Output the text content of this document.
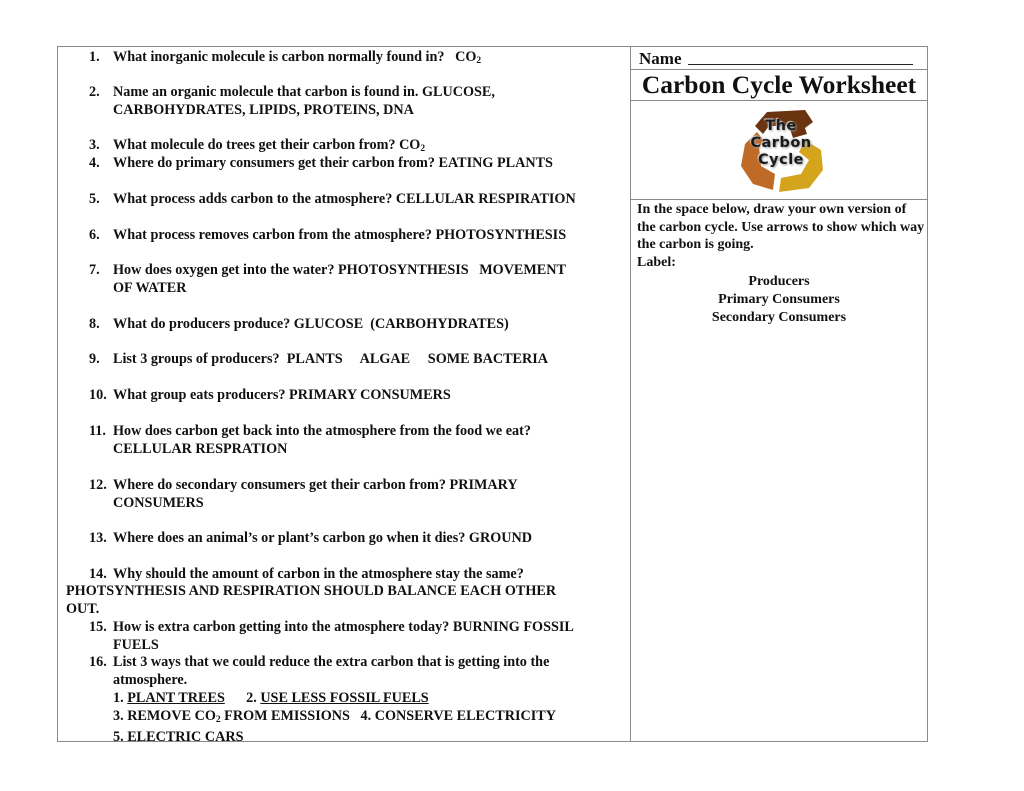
1. What inorganic molecule is carbon normally found in? $CO_2$
2. Name an organic molecule that carbon is found in. GLUCOSE,
CARBOHYDRATES, LIPIDS, PROTEINS, DNA
3. What molecule do trees get their carbon from? $CO_2$
4. Where do primary consumers get their carbon from? EATING PLANTS
5. What process adds carbon to the atmosphere? CELLULAR RESPIRATION
6. What process removes carbon from the atmosphere? PHOTOSYNTHESIS
7. How does oxygen get into the water? PHOTOSYNTHESIS   MOVEMENT
OF WATER
8. What do producers produce? GLUCOSE  (CARBOHYDRATES)
9. List 3 groups of producers? PLANTS     ALGAE     SOME BACTERIA
10. What group eats producers? PRIMARY CONSUMERS
11. How does carbon get back into the atmosphere from the food we eat?
CELLULAR RESPRATION
12. Where do secondary consumers get their carbon from? PRIMARY
CONSUMERS
13. Where does an animal’s or plant’s carbon go when it dies? GROUND
14. Why should the amount of carbon in the atmosphere stay the same?
PHOTSYNTHESIS AND RESPIRATION SHOULD BALANCE EACH OTHER
OUT.
15. How is extra carbon getting into the atmosphere today? BURNING FOSSIL
FUELS
16. List 3 ways that we could reduce the extra carbon that is getting into the
atmosphere.
1. PLANT TREES 2. USE LESS FOSSIL FUELS
3. REMOVE $CO_2$ FROM EMISSIONS 4. CONSERVE ELECTRICITY
5. ELECTRIC CARS
Name
Carbon Cycle Worksheet
The
Carbon
Cycle
In the space below, draw your own version of the carbon cycle. Use arrows to show which way the carbon is going.
Label:
Producers
Primary Consumers
Secondary Consumers
